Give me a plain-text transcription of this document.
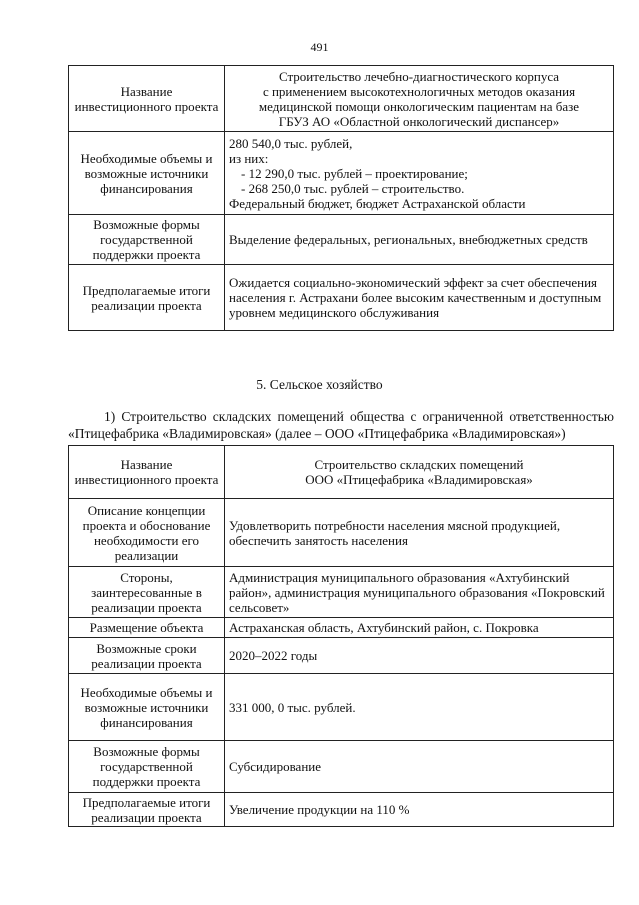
491
Название инвестиционного проекта	Строительство лечебно-диагностического корпуса
с применением высокотехнологичных методов оказания
медицинской помощи онкологическим пациентам на базе
ГБУЗ АО «Областной онкологический диспансер»

Необходимые объемы и возможные источники финансирования	280 540,0 тыс. рублей,
из них:
- 12 290,0 тыс. рублей – проектирование;
- 268 250,0 тыс. рублей – строительство.
Федеральный бюджет, бюджет Астраханской области

Возможные формы государственной поддержки проекта	Выделение федеральных, региональных, внебюджетных средств
Предполагаемые итоги реализации проекта	Ожидается социально-экономический эффект за счет обеспечения населения г. Астрахани более высоким качественным и доступным уровнем медицинского обслуживания
5. Сельское хозяйство
1) Строительство складских помещений общества с ограниченной ответственностью «Птицефабрика «Владимировская» (далее – ООО «Птицефабрика «Владимировская»)
Название инвестиционного проекта	Строительство складских помещений
ООО «Птицефабрика «Владимировская»

Описание концепции проекта и обоснование необходимости его реализации	Удовлетворить потребности населения мясной продукцией, обеспечить занятость населения
Стороны, заинтересованные в реализации проекта	Администрация муниципального образования «Ахтубинский район», администрация муниципального образования «Покровский сельсовет»
Размещение объекта	Астраханская область, Ахтубинский район, с. Покровка
Возможные сроки реализации проекта	2020–2022 годы
Необходимые объемы и возможные источники финансирования	331 000, 0 тыс. рублей.
Возможные формы государственной поддержки проекта	Субсидирование
Предполагаемые итоги реализации проекта	Увеличение продукции на 110 %
